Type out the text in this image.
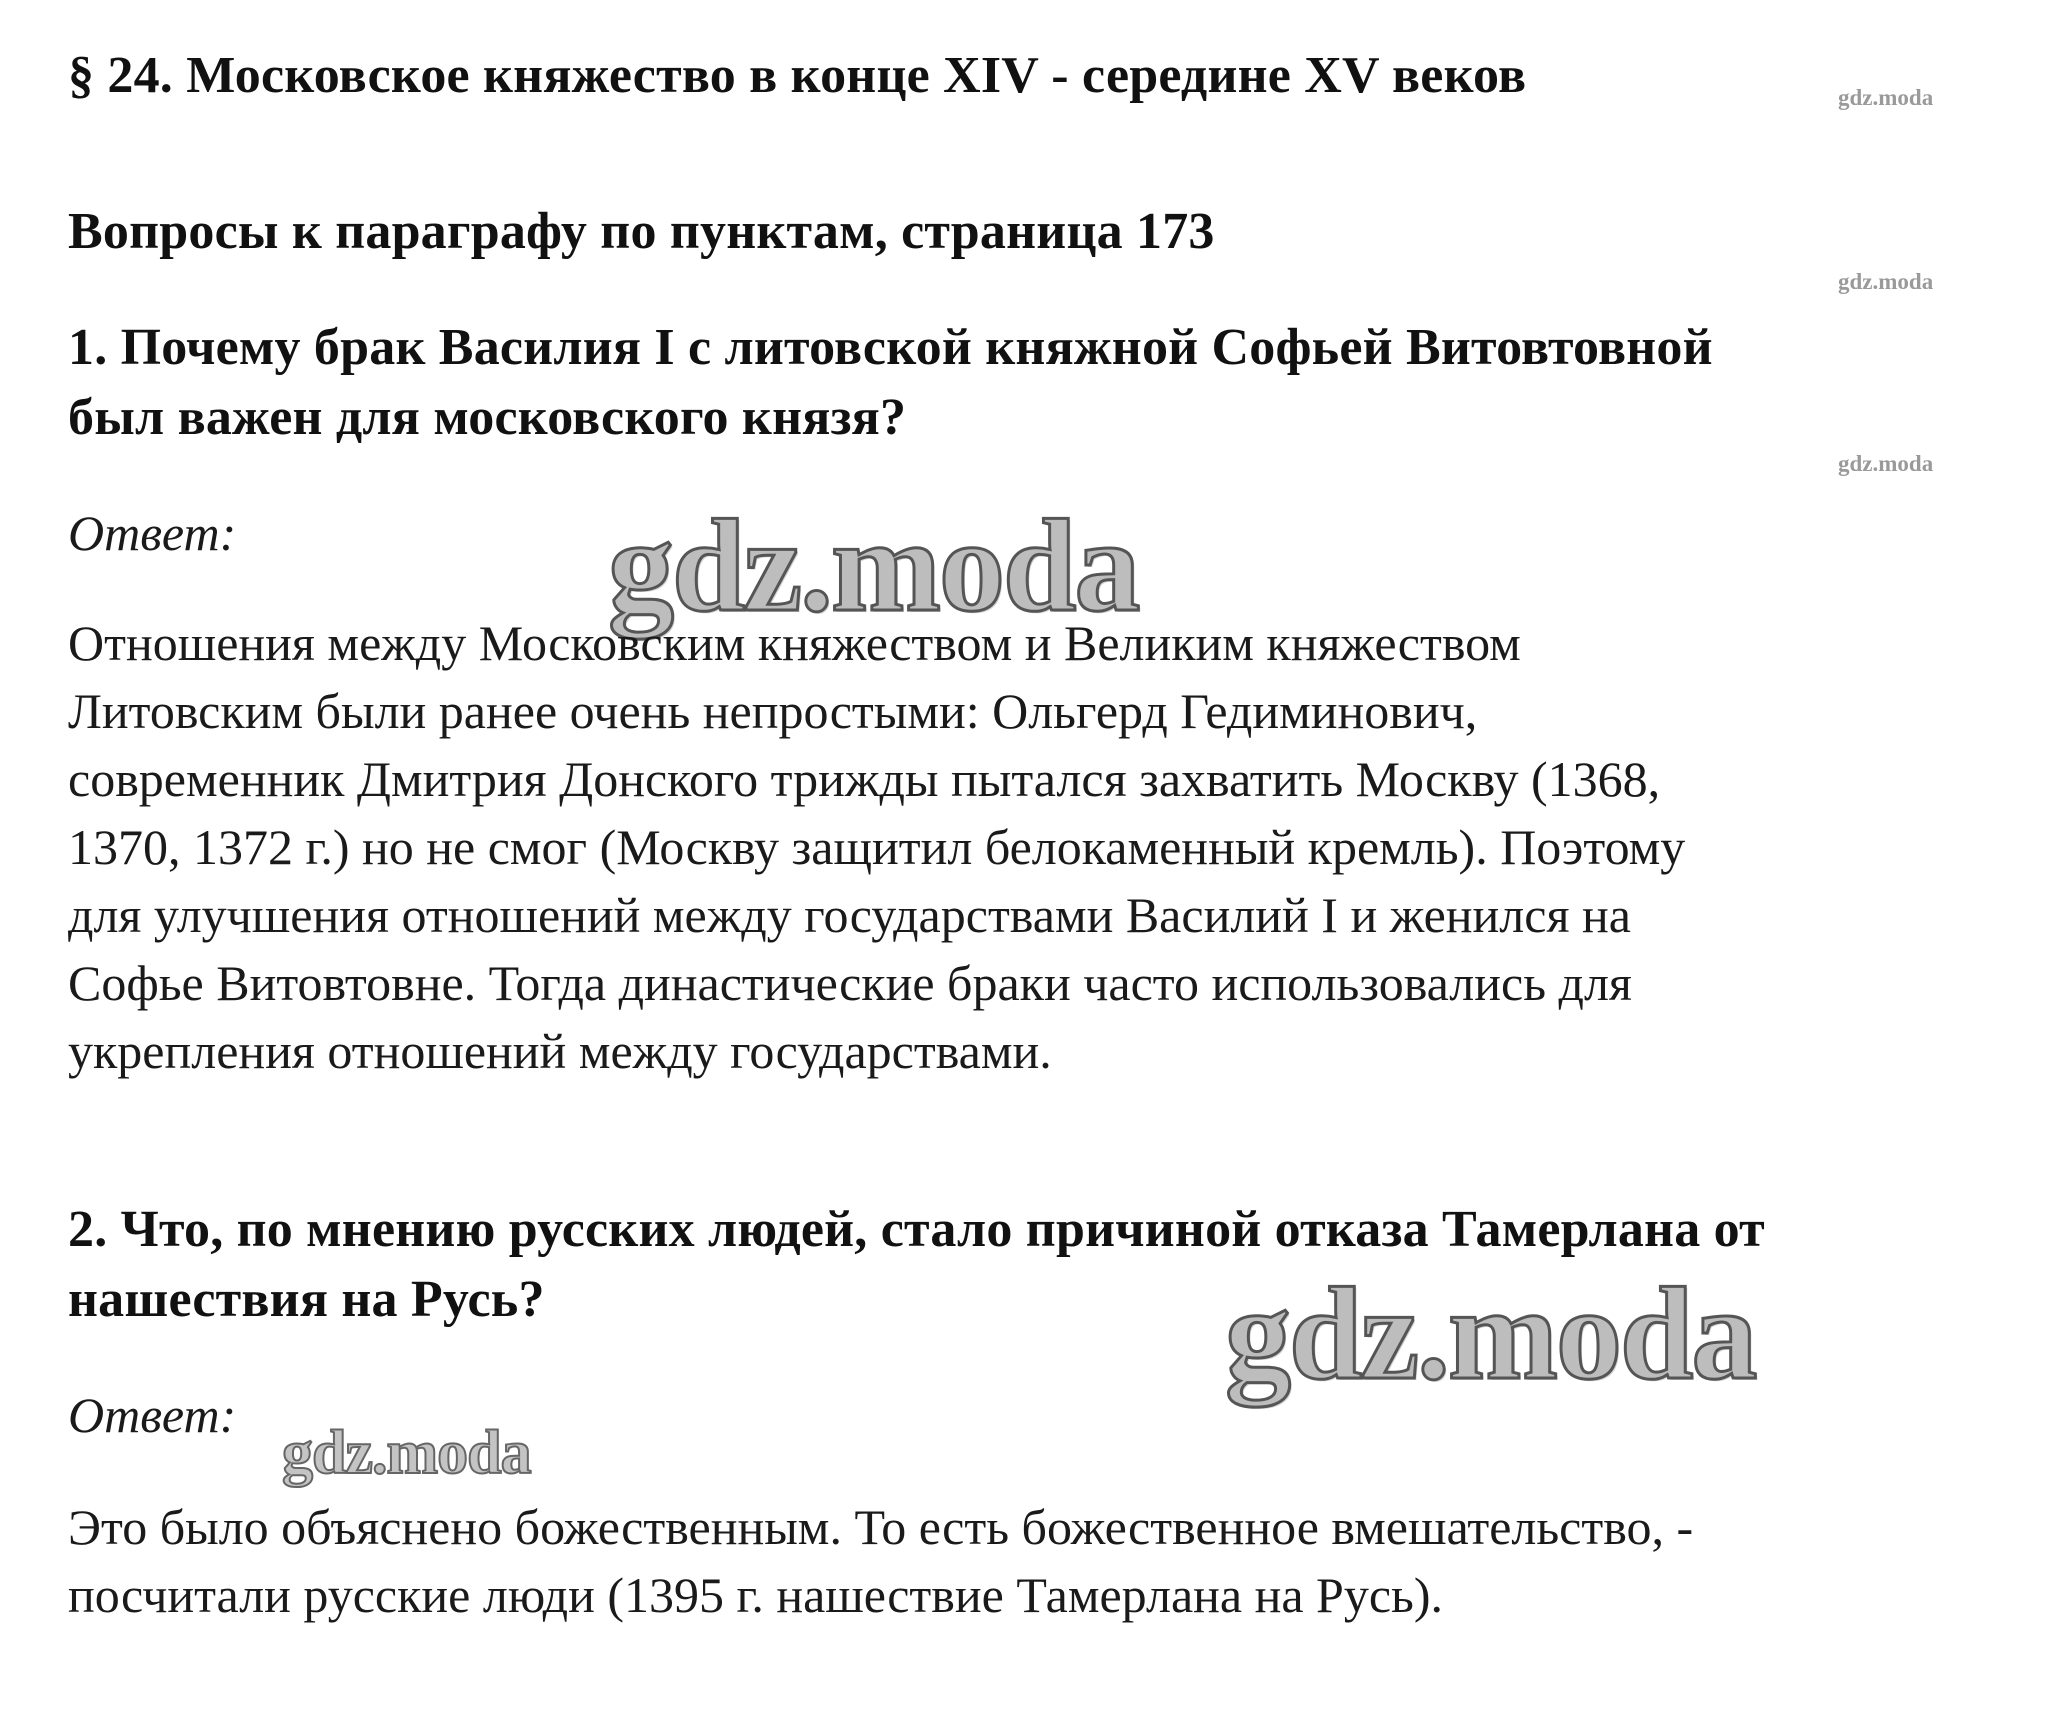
§ 24. Московское княжество в конце XIV - середине XV веков	gdz.moda
Вопросы к параграфу по пунктам, страница 173
gdz.moda
1. Почему брак Василия I с литовской княжной Софьей Витовтовной
был важен для московского князя?
gdz.moda
Ответ:	gdz.moda
Отношения между Московским княжеством и Великим княжеством
Литовским были ранее очень непростыми: Ольгерд Гедиминович,
современник Дмитрия Донского трижды пытался захватить Москву (1368,
1370, 1372 г.) но не смог (Москву защитил белокаменный кремль). Поэтому
для улучшения отношений между государствами Василий I и женился на
Софье Витовтовне. Тогда династические браки часто использовались для
укрепления отношений между государствами.
2. Что, по мнению русских людей, стало причиной отказа Тамерлана от
нашествия на Русь?	gdz.moda
Ответ:
gdz.moda
Это было объяснено божественным. То есть божественное вмешательство, -
посчитали русские люди (1395 г. нашествие Тамерлана на Русь).
